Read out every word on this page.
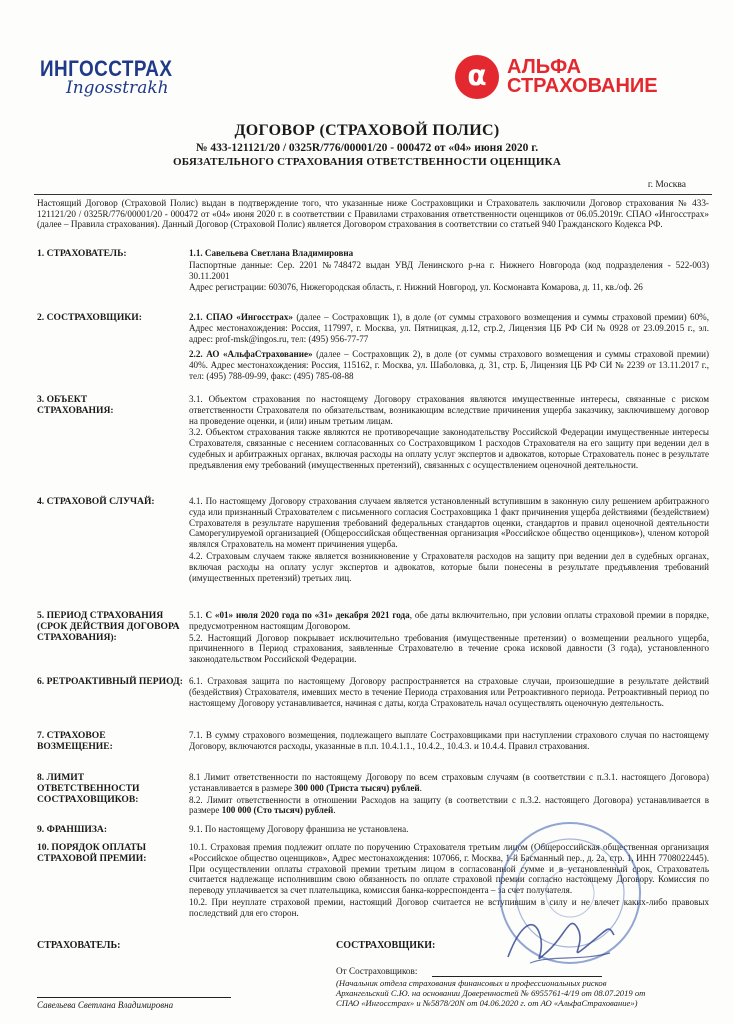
ИНГОССТРАХ
Ingosstrakh	α	АЛЬФА
СТРАХОВАНИЕ
ДОГОВОР (СТРАХОВОЙ ПОЛИС)
№ 433-121121/20 / 0325R/776/00001/20 - 000472 от «04» июня 2020 г.
ОБЯЗАТЕЛЬНОГО СТРАХОВАНИЯ ОТВЕТСТВЕННОСТИ ОЦЕНЩИКА
г. Москва
Настоящий Договор (Страховой Полис) выдан в подтверждение того, что указанные ниже Состраховщики и Страхователь заключили Договор страхования № 433-121121/20 / 0325R/776/00001/20 - 000472 от «04» июня 2020 г. в соответствии с Правилами страхования ответственности оценщиков от 06.05.2019г. СПАО «Ингосстрах» (далее – Правила страхования). Данный Договор (Страховой Полис) является Договором страхования в соответствии со статьей 940 Гражданского Кодекса РФ.
1. СТРАХОВАТЕЛЬ:	1.1. Савельева Светлана Владимировна

Паспортные данные: Сер. 2201 №748472 выдан УВД Ленинского р-на г. Нижнего Новгорода (код подразделения - 522-003) 30.11.2001

Адрес регистрации: 603076, Нижегородская область, г. Нижний Новгород, ул. Космонавта Комарова, д. 11, кв./оф. 26

2. СОСТРАХОВЩИКИ:	2.1. СПАО «Ингосстрах» (далее – Состраховщик 1), в доле (от суммы страхового возмещения и суммы страховой премии) 60%, Адрес местонахождения: Россия, 117997, г. Москва, ул. Пятницкая, д.12, стр.2, Лицензия ЦБ РФ СИ № 0928 от 23.09.2015 г., эл. адрес: prof-msk@ingos.ru, тел: (495) 956-77-77

2.2. АО «АльфаСтрахование» (далее – Состраховщик 2), в доле (от суммы страхового возмещения и суммы страховой премии) 40%. Адрес местонахождения: Россия, 115162, г. Москва, ул. Шаболовка, д. 31, стр. Б, Лицензия ЦБ РФ СИ № 2239 от 13.11.2017 г., тел: (495) 788-09-99, факс: (495) 785-08-88

3. ОБЪЕКТ СТРАХОВАНИЯ:

3.1. Объектом страхования по настоящему Договору страхования являются имущественные интересы, связанные с риском ответственности Страхователя по обязательствам, возникающим вследствие причинения ущерба заказчику, заключившему договор на проведение оценки, и (или) иным третьим лицам.

3.2. Объектом страхования также являются не противоречащие законодательству Российской Федерации имущественные интересы Страхователя, связанные с несением согласованных со Состраховщиком 1 расходов Страхователя на его защиту при ведении дел в судебных и арбитражных органах, включая расходы на оплату услуг экспертов и адвокатов, которые Страхователь понес в результате предъявления ему требований (имущественных претензий), связанных с осуществлением оценочной деятельности.

4. СТРАХОВОЙ СЛУЧАЙ:	4.1. По настоящему Договору страхования случаем является установленный вступившим в законную силу решением арбитражного суда или признанный Страхователем с письменного согласия Состраховщика 1 факт причинения ущерба действиями (бездействием) Страхователя в результате нарушения требований федеральных стандартов оценки, стандартов и правил оценочной деятельности Саморегулируемой организацией (Общероссийская общественная организация «Российское общество оценщиков»), членом которой являлся Страхователь на момент причинения ущерба.

4.2. Страховым случаем также является возникновение у Страхователя расходов на защиту при ведении дел в судебных органах, включая расходы на оплату услуг экспертов и адвокатов, которые были понесены в результате предъявления требований (имущественных претензий) третьих лиц.

5. ПЕРИОД СТРАХОВАНИЯ (СРОК ДЕЙСТВИЯ ДОГОВОРА СТРАХОВАНИЯ):

5.1. С «01» июля 2020 года по «31» декабря 2021 года, обе даты включительно, при условии оплаты страховой премии в порядке, предусмотренном настоящим Договором.

5.2. Настоящий Договор покрывает исключительно требования (имущественные претензии) о возмещении реального ущерба, причиненного в Период страхования, заявленные Страхователю в течение срока исковой давности (3 года), установленного законодательством Российской Федерации.

6. РЕТРОАКТИВНЫЙ ПЕРИОД: 6.1. Страховая защита по настоящему Договору распространяется на страховые случаи, произошедшие в результате действий (бездействия) Страхователя, имевших место в течение Периода страхования или Ретроактивного периода. Ретроактивный период по настоящему Договору устанавливается, начиная с даты, когда Страхователь начал осуществлять оценочную деятельность.

7. СТРАХОВОЕ ВОЗМЕЩЕНИЕ:

7.1. В сумму страхового возмещения, подлежащего выплате Состраховщиками при наступлении страхового случая по настоящему Договору, включаются расходы, указанные в п.п. 10.4.1.1., 10.4.2., 10.4.3. и 10.4.4. Правил страхования.

8. ЛИМИТ ОТВЕТСТВЕННОСТИ СОСТРАХОВЩИКОВ:

8.1 Лимит ответственности по настоящему Договору по всем страховым случаям (в соответствии с п.3.1. настоящего Договора) устанавливается в размере 300 000 (Триста тысяч) рублей.

8.2. Лимит ответственности в отношении Расходов на защиту (в соответствии с п.3.2. настоящего Договора) устанавливается в размере 100 000 (Сто тысяч) рублей.

9. ФРАНШИЗА:	9.1. По настоящему Договору франшиза не установлена.

10. ПОРЯДОК ОПЛАТЫ СТРАХОВОЙ ПРЕМИИ:

10.1. Страховая премия подлежит оплате по поручению Страхователя третьим лицом (Общероссийская общественная организация «Российское общество оценщиков», Адрес местонахождения: 107066, г. Москва, 1-й Басманный пер., д. 2а, стр. 1, ИНН 7708022445). При осуществлении оплаты страховой премии третьим лицом в согласованной сумме и в установленный срок, Страхователь считается надлежаще исполнившим свою обязанность по оплате страховой премии согласно настоящему Договору. Комиссия по переводу уплачивается за счет плательщика, комиссия банка-корреспондента – за счет получателя.

10.2. При неуплате страховой премии, настоящий Договор считается не вступившим в силу и не влечет каких-либо правовых последствий для его сторон.

СТРАХОВАТЕЛЬ:	СОСТРАХОВЩИКИ:
Савельева Светлана Владимировна
От Состраховщиков:
(Начальник отдела страхования финансовых и профессиональных рисков
Архангельский С.Ю. на основании Доверенностей № 6955761-4/19 от 08.07.2019 от
СПАО «Ингосстрах» и №5878/20N от 04.06.2020 г. от АО «АльфаСтрахование»)
